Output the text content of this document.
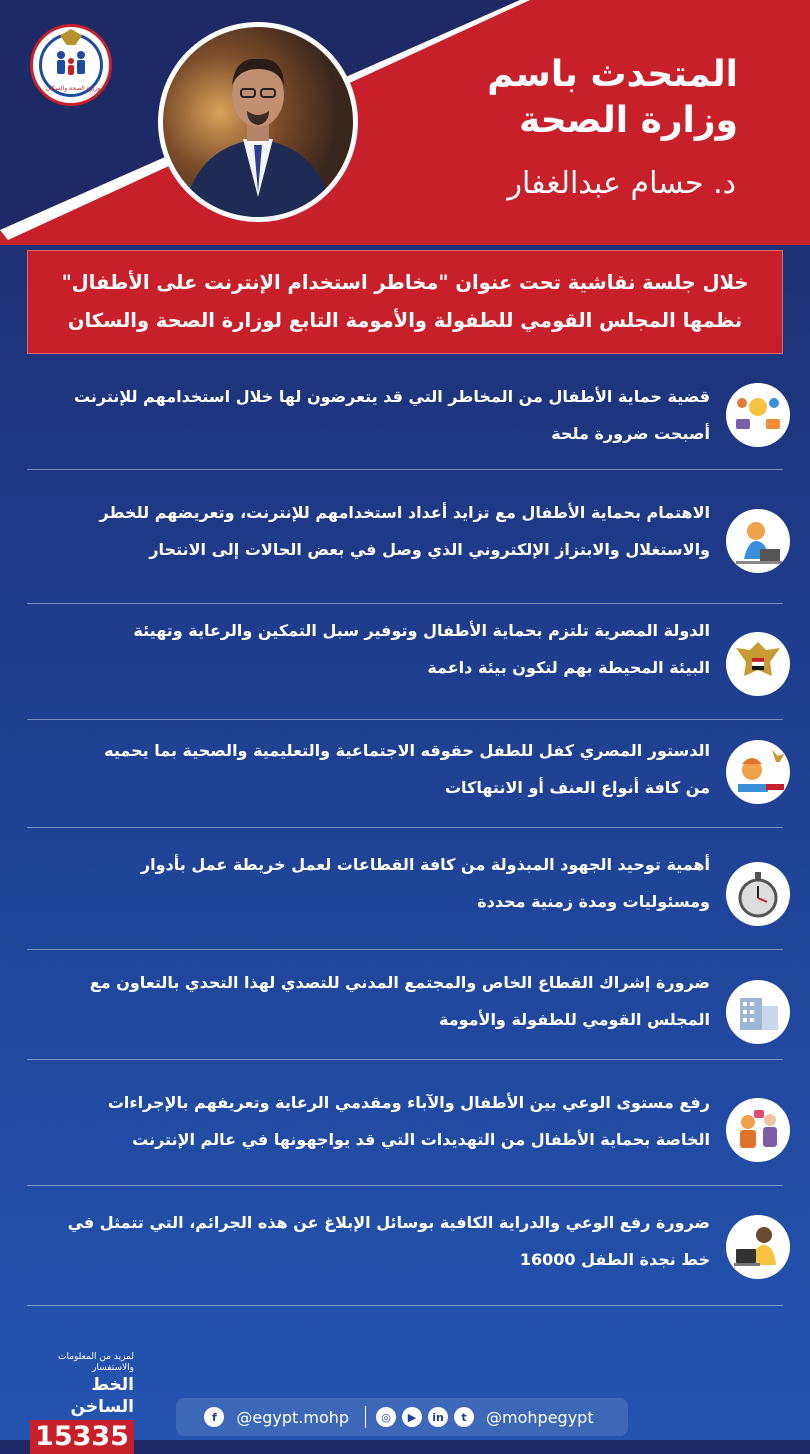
وزارة الصحة والسكان	المتحدث باسم
وزارة الصحة
د. حسام عبدالغفار

خلال جلسة نقاشية تحت عنوان "مخاطر استخدام الإنترنت على الأطفال"
نظمها المجلس القومي للطفولة والأمومة التابع لوزارة الصحة والسكان

قضية حماية الأطفال من المخاطر التي قد يتعرضون لها خلال استخدامهم للإنترنت
أصبحت ضرورة ملحة
الاهتمام بحماية الأطفال مع تزايد أعداد استخدامهم للإنترنت، وتعريضهم للخطر
والاستغلال والابتزاز الإلكتروني الذي وصل في بعض الحالات إلى الانتحار
الدولة المصرية تلتزم بحماية الأطفال وتوفير سبل التمكين والرعاية وتهيئة
البيئة المحيطة بهم لتكون بيئة داعمة
الدستور المصري كفل للطفل حقوقه الاجتماعية والتعليمية والصحية بما يحميه
من كافة أنواع العنف أو الانتهاكات
أهمية توحيد الجهود المبذولة من كافة القطاعات لعمل خريطة عمل بأدوار
ومسئوليات ومدة زمنية محددة
ضرورة إشراك القطاع الخاص والمجتمع المدني للتصدي لهذا التحدي بالتعاون مع
المجلس القومي للطفولة والأمومة
رفع مستوى الوعي بين الأطفال والآباء ومقدمي الرعاية وتعريفهم بالإجراءات
الخاصة بحماية الأطفال من التهديدات التي قد يواجهونها في عالم الإنترنت
ضرورة رفع الوعي والدراية الكافية بوسائل الإبلاغ عن هذه الجرائم، التي تتمثل في
خط نجدة الطفل 16000
لمزيد من المعلومات والاستفسار
الخط الساخن
15335
f	@egypt.mohp	◎	▶	in	t	@mohpegypt
